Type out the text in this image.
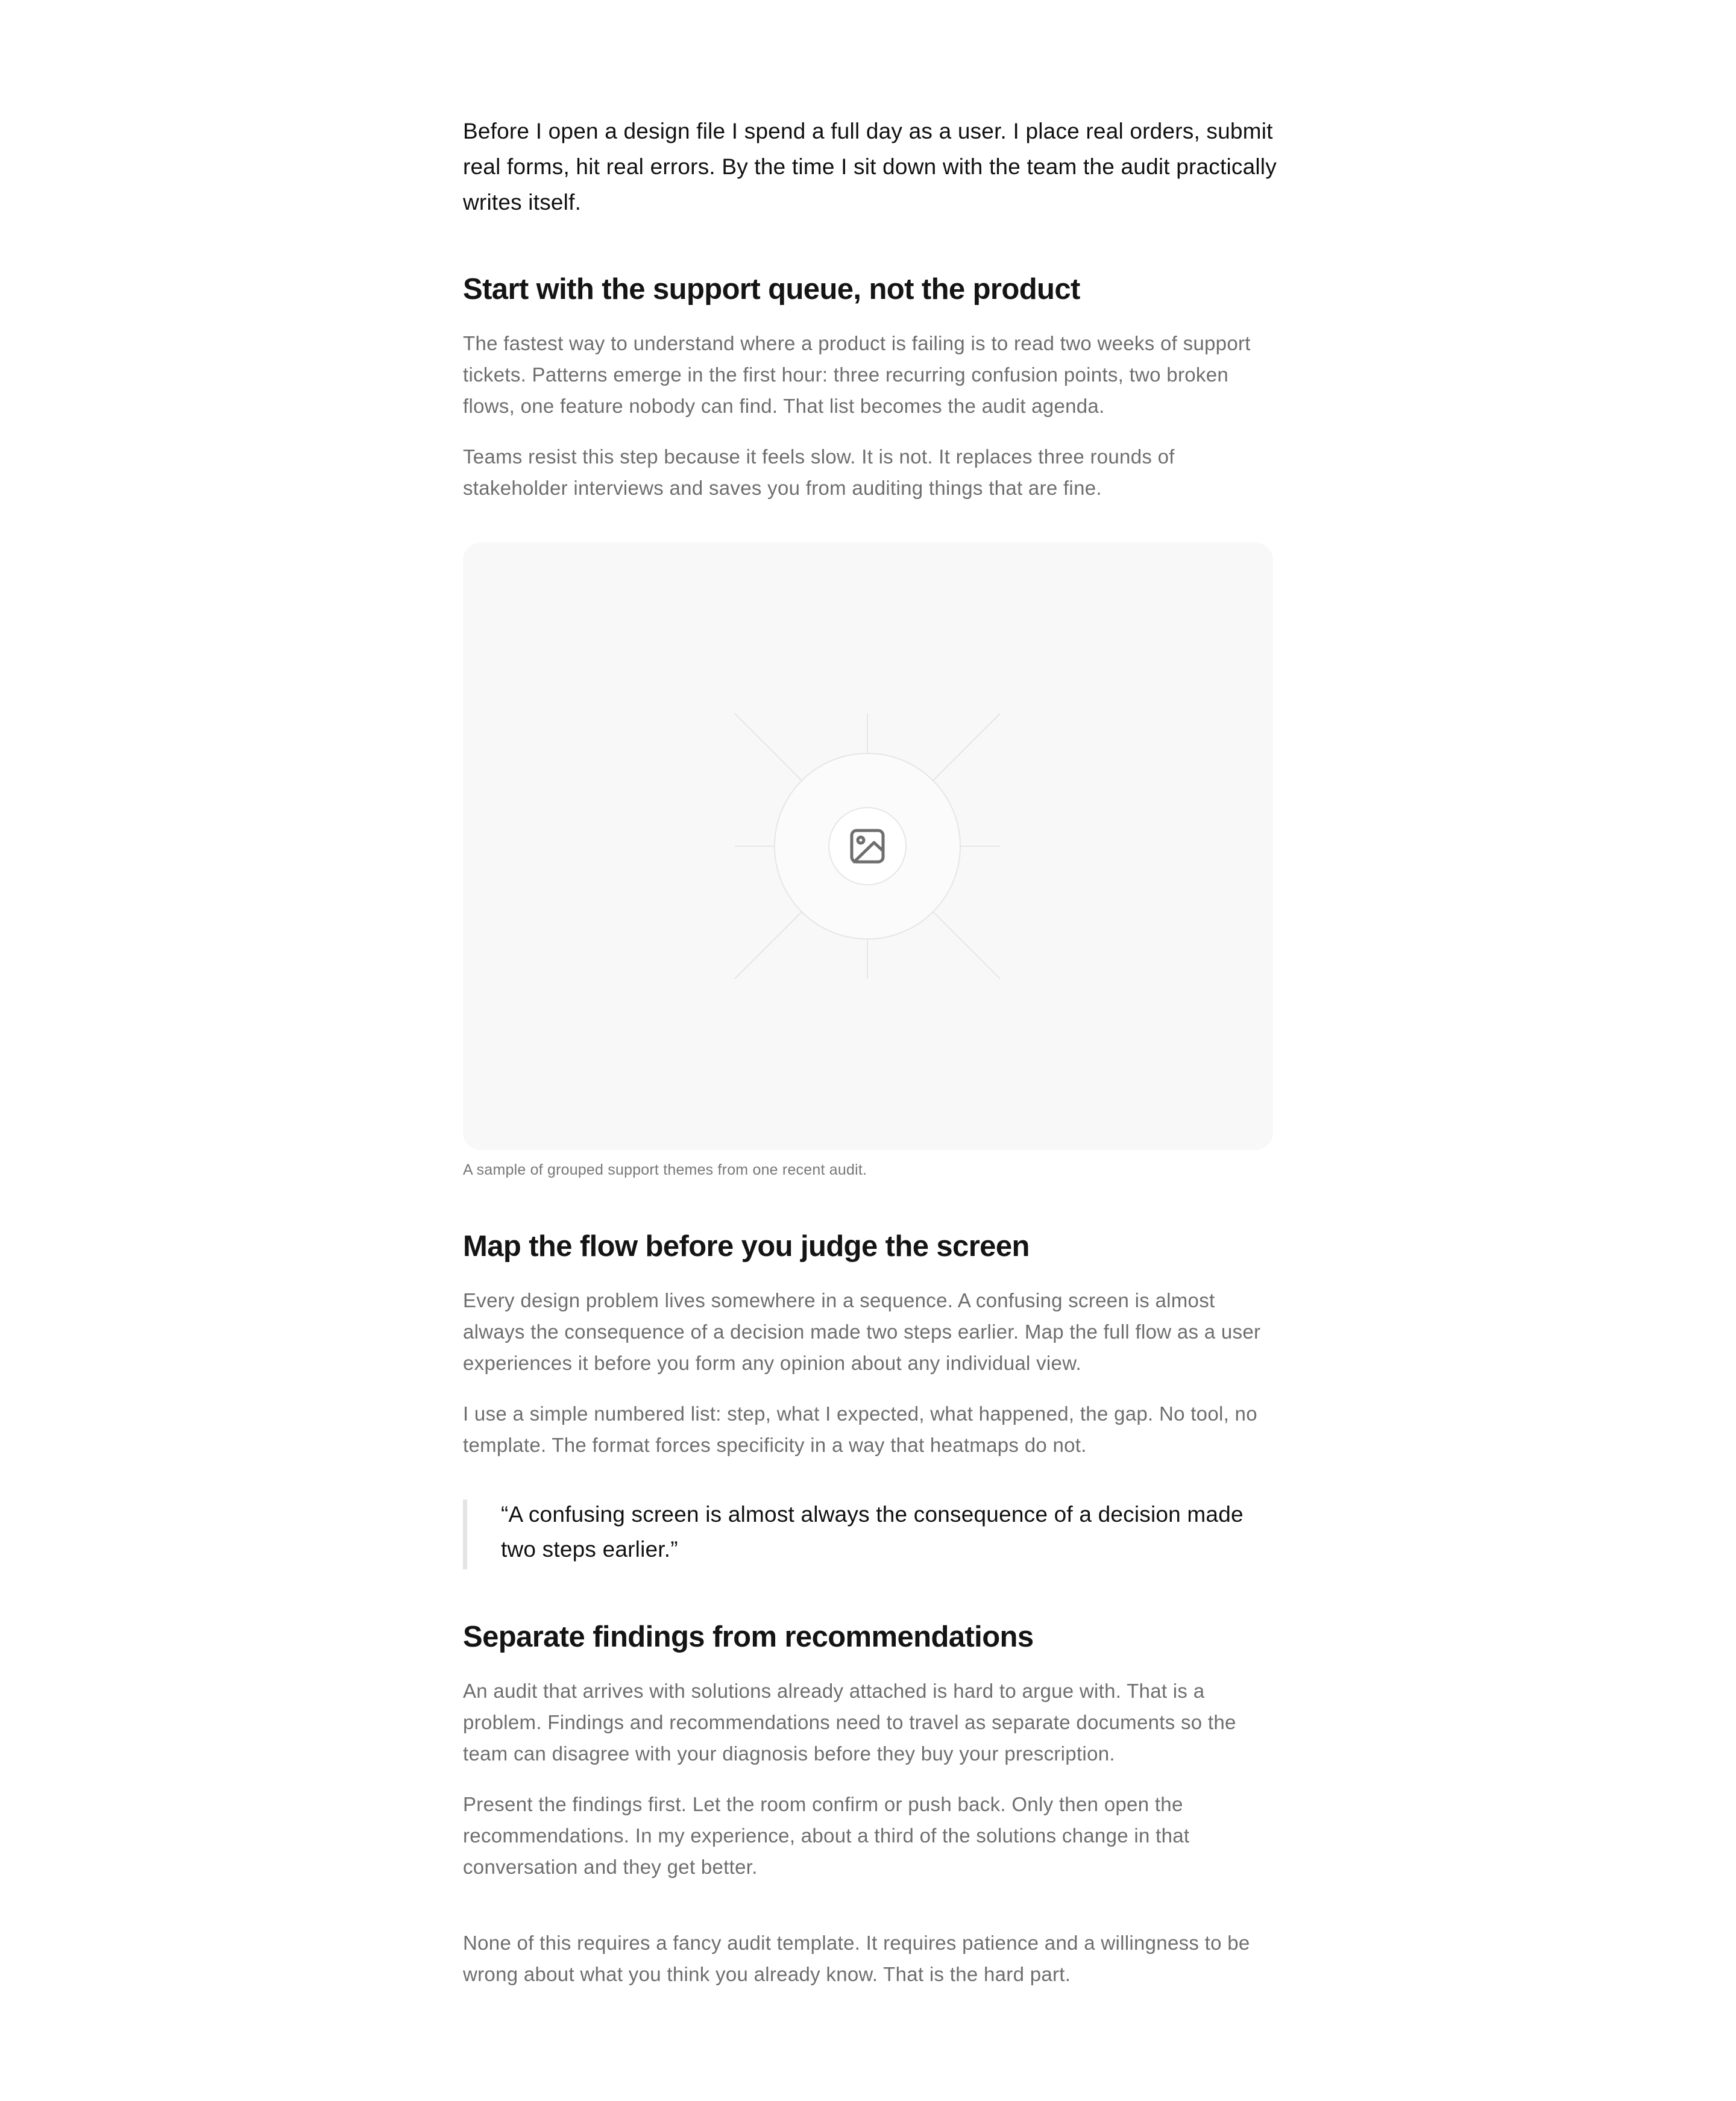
Before I open a design file I spend a full day as a user. I place real orders, submit real forms, hit real errors. By the time I sit down with the team the audit practically writes itself.

Start with the support queue, not the product

The fastest way to understand where a product is failing is to read two weeks of support tickets. Patterns emerge in the first hour: three recurring confusion points, two broken flows, one feature nobody can find. That list becomes the audit agenda.

Teams resist this step because it feels slow. It is not. It replaces three rounds of stakeholder interviews and saves you from auditing things that are fine.

A sample of grouped support themes from one recent audit.

Map the flow before you judge the screen

Every design problem lives somewhere in a sequence. A confusing screen is almost always the consequence of a decision made two steps earlier. Map the full flow as a user experiences it before you form any opinion about any individual view.

I use a simple numbered list: step, what I expected, what happened, the gap. No tool, no template. The format forces specificity in a way that heatmaps do not.

“A confusing screen is almost always the consequence of a decision made two steps earlier.”

Separate findings from recommendations

An audit that arrives with solutions already attached is hard to argue with. That is a problem. Findings and recommendations need to travel as separate documents so the team can disagree with your diagnosis before they buy your prescription.

Present the findings first. Let the room confirm or push back. Only then open the recommendations. In my experience, about a third of the solutions change in that conversation and they get better.

None of this requires a fancy audit template. It requires patience and a willingness to be wrong about what you think you already know. That is the hard part.
